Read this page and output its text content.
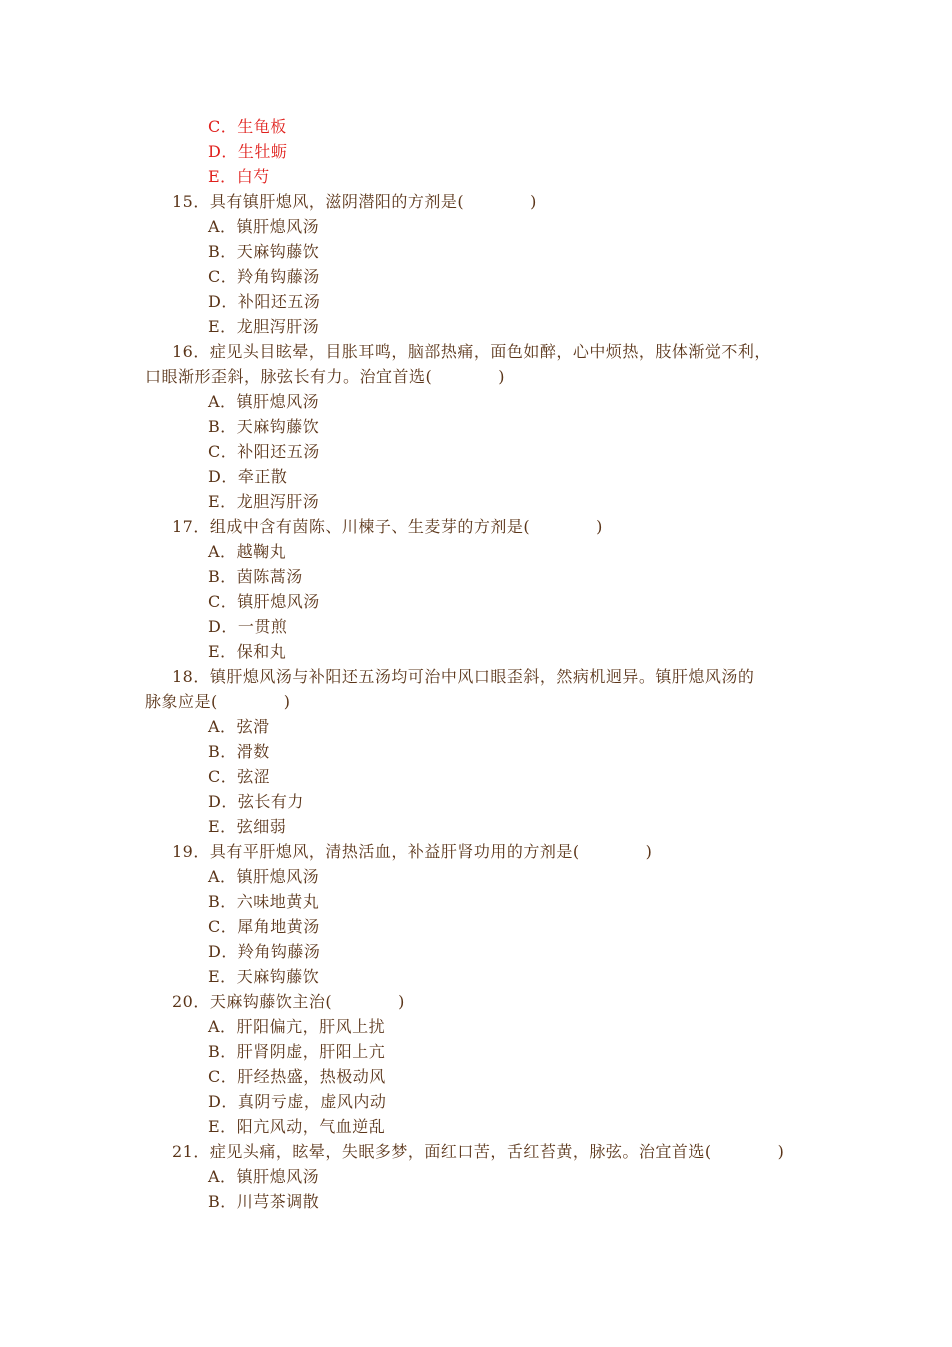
C．生龟板
D．生牡蛎
E．白芍
15．具有镇肝熄风，滋阴潜阳的方剂是(　　　　)
A．镇肝熄风汤
B．天麻钩藤饮
C．羚角钩藤汤
D．补阳还五汤
E．龙胆泻肝汤
16．症见头目眩晕，目胀耳鸣，脑部热痛，面色如醉，心中烦热，肢体渐觉不利，
口眼渐形歪斜，脉弦长有力。治宜首选(　　　　)
A．镇肝熄风汤
B．天麻钩藤饮
C．补阳还五汤
D．牵正散
E．龙胆泻肝汤
17．组成中含有茵陈、川楝子、生麦芽的方剂是(　　　　)
A．越鞠丸
B．茵陈蒿汤
C．镇肝熄风汤
D．一贯煎
E．保和丸
18．镇肝熄风汤与补阳还五汤均可治中风口眼歪斜，然病机迥异。镇肝熄风汤的
脉象应是(　　　　)
A．弦滑
B．滑数
C．弦涩
D．弦长有力
E．弦细弱
19．具有平肝熄风，清热活血，补益肝肾功用的方剂是(　　　　)
A．镇肝熄风汤
B．六味地黄丸
C．犀角地黄汤
D．羚角钩藤汤
E．天麻钩藤饮
20．天麻钩藤饮主治(　　　　)
A．肝阳偏亢，肝风上扰
B．肝肾阴虚，肝阳上亢
C．肝经热盛，热极动风
D．真阴亏虚，虚风内动
E．阳亢风动，气血逆乱
21．症见头痛，眩晕，失眠多梦，面红口苦，舌红苔黄，脉弦。治宜首选(　　　　)
A．镇肝熄风汤
B．川芎茶调散
